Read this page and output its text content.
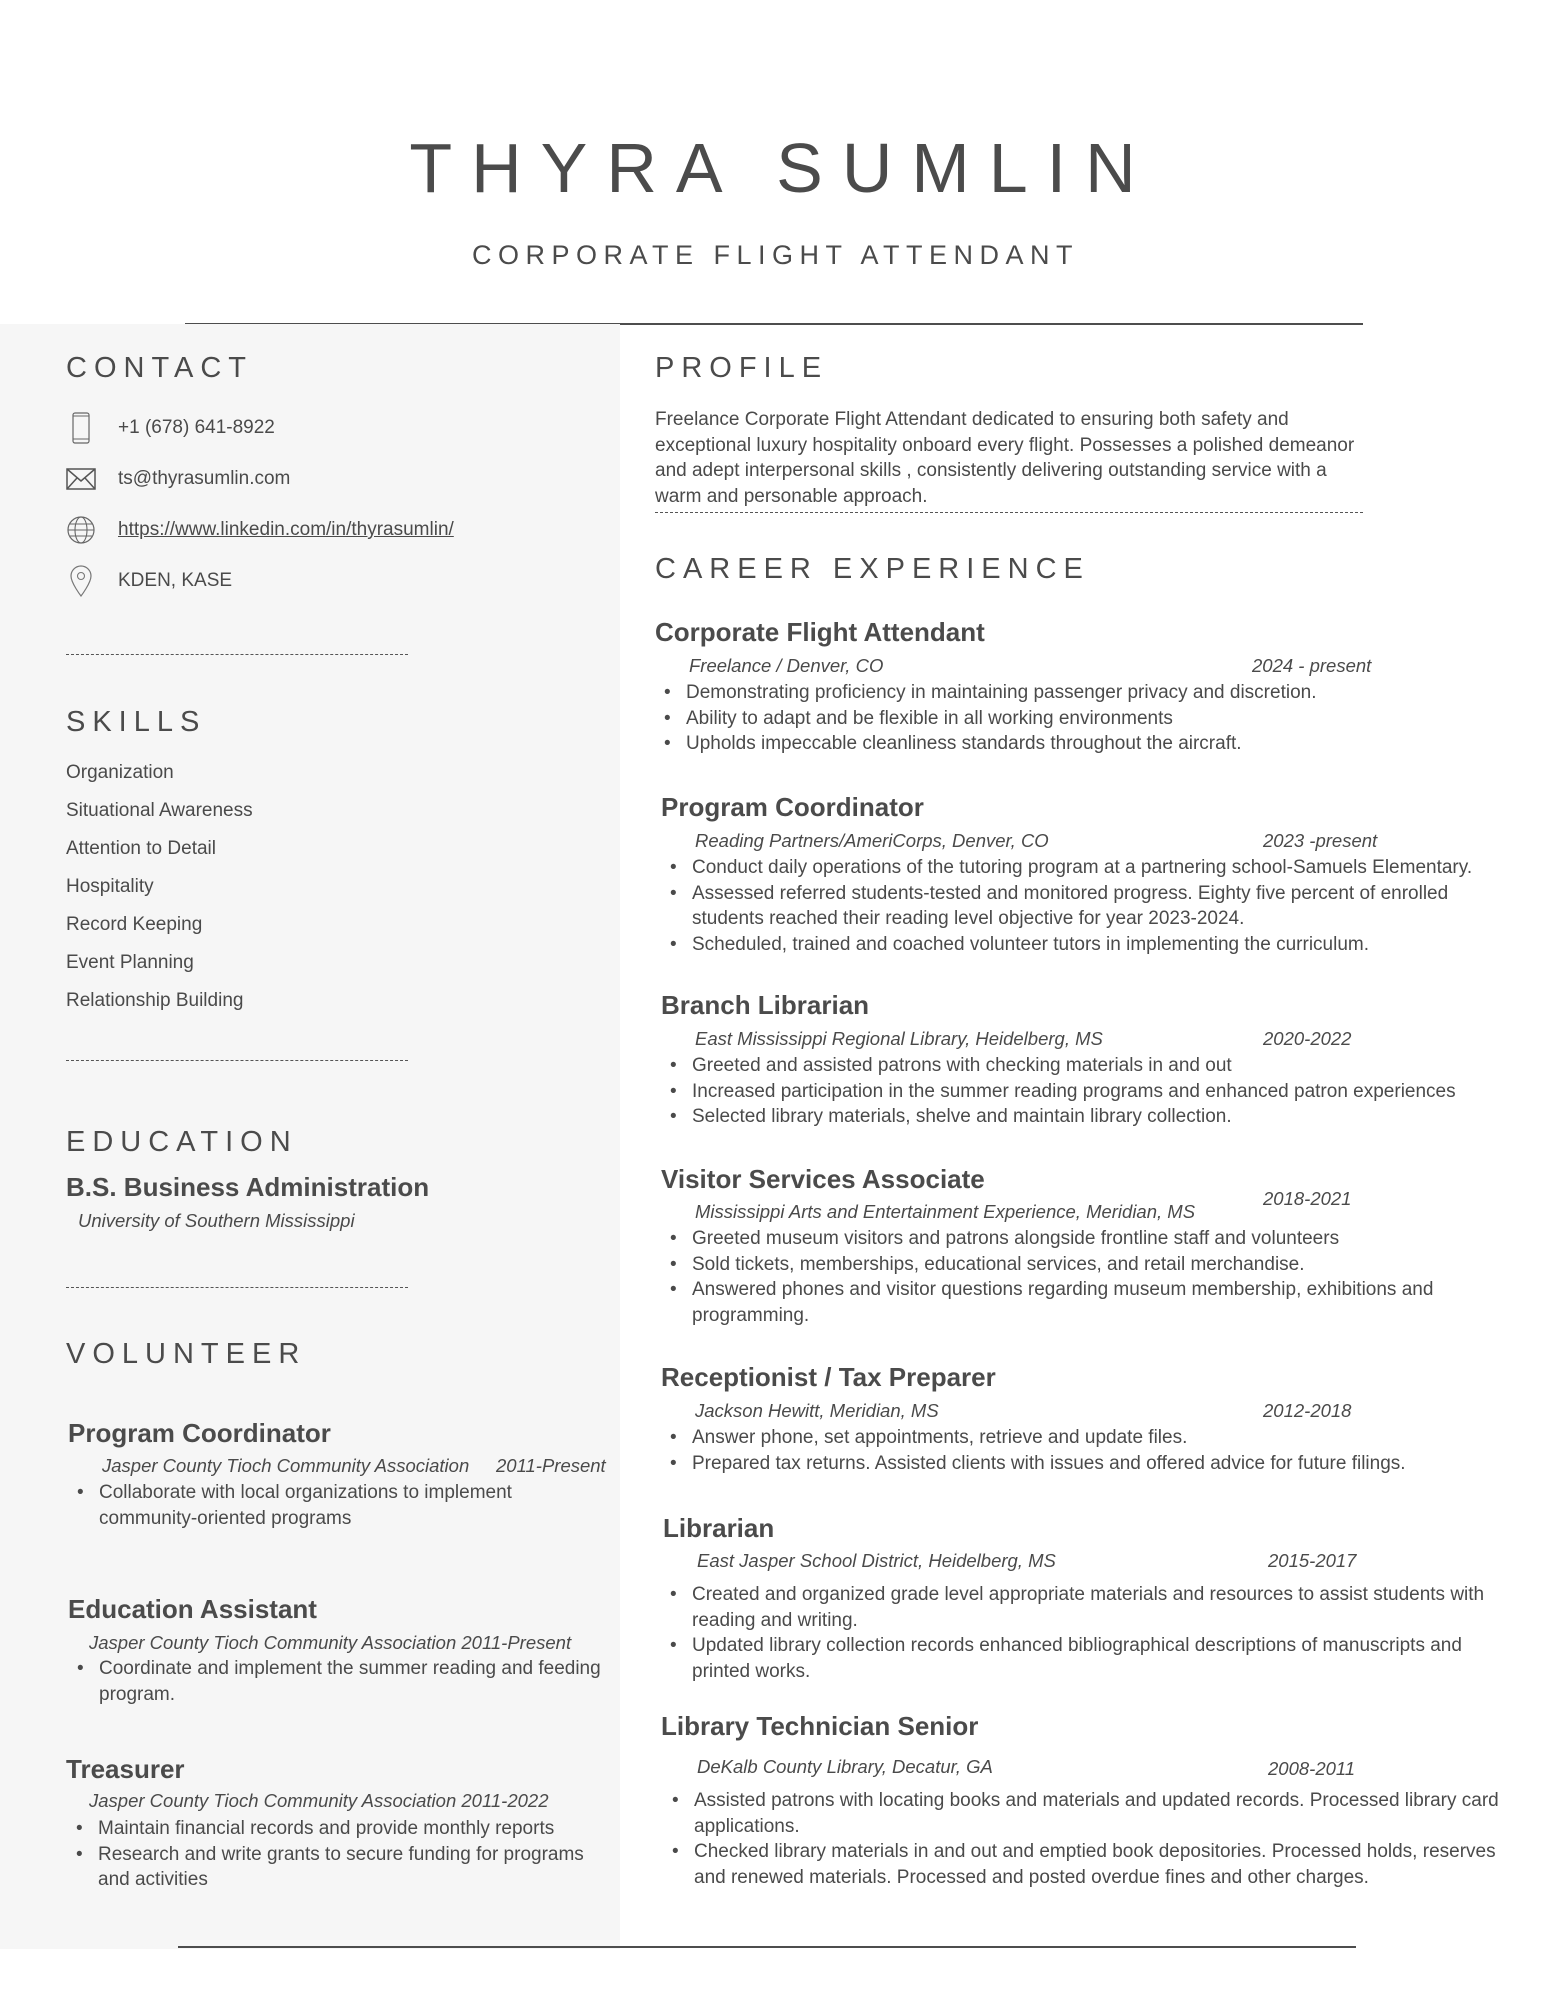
THYRA SUMLIN
CORPORATE FLIGHT ATTENDANT
CONTACT
+1 (678) 641-8922
ts@thyrasumlin.com
https://www.linkedin.com/in/thyrasumlin/
KDEN, KASE
SKILLS
Organization
Situational Awareness
Attention to Detail
Hospitality
Record Keeping
Event Planning
Relationship Building
EDUCATION
B.S. Business Administration
University of Southern Mississippi
VOLUNTEER
Program Coordinator
Jasper County Tioch Community Association 2011-Present
• Collaborate with local organizations to implement community-oriented programs
Education Assistant
Jasper County Tioch Community Association 2011-Present
• Coordinate and implement the summer reading and feeding program.
Treasurer
Jasper County Tioch Community Association 2011-2022
• Maintain financial records and provide monthly reports
• Research and write grants to secure funding for programs and activities
PROFILE
Freelance Corporate Flight Attendant dedicated to ensuring both safety and exceptional luxury hospitality onboard every flight. Possesses a polished demeanor and adept interpersonal skills , consistently delivering outstanding service with a warm and personable approach.
CAREER EXPERIENCE
Corporate Flight Attendant
Freelance / Denver, CO	2024 - present
• Demonstrating proficiency in maintaining passenger privacy and discretion.
• Ability to adapt and be flexible in all working environments
• Upholds impeccable cleanliness standards throughout the aircraft.
Program Coordinator
Reading Partners/AmeriCorps, Denver, CO	2023 -present
• Conduct daily operations of the tutoring program at a partnering school-Samuels Elementary.
• Assessed referred students-tested and monitored progress. Eighty five percent of enrolled students reached their reading level objective for year 2023-2024.
• Scheduled, trained and coached volunteer tutors in implementing the curriculum.
Branch Librarian
East Mississippi Regional Library, Heidelberg, MS	2020-2022
• Greeted and assisted patrons with checking materials in and out
• Increased participation in the summer reading programs and enhanced patron experiences
• Selected library materials, shelve and maintain library collection.
Visitor Services Associate
Mississippi Arts and Entertainment Experience, Meridian, MS
2018-2021
• Greeted museum visitors and patrons alongside frontline staff and volunteers
• Sold tickets, memberships, educational services, and retail merchandise.
• Answered phones and visitor questions regarding museum membership, exhibitions and programming.
Receptionist / Tax Preparer
Jackson Hewitt, Meridian, MS	2012-2018
• Answer phone, set appointments, retrieve and update files.
• Prepared tax returns. Assisted clients with issues and offered advice for future filings.
Librarian
East Jasper School District, Heidelberg, MS	2015-2017
• Created and organized grade level appropriate materials and resources to assist students with reading and writing.
• Updated library collection records enhanced bibliographical descriptions of manuscripts and printed works.
Library Technician Senior
DeKalb County Library, Decatur, GA	2008-2011
• Assisted patrons with locating books and materials and updated records. Processed library card applications.
• Checked library materials in and out and emptied book depositories. Processed holds, reserves and renewed materials. Processed and posted overdue fines and other charges.
